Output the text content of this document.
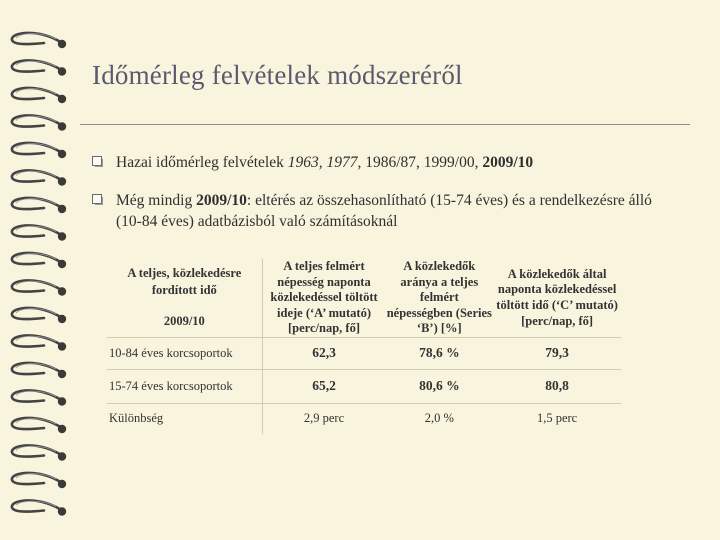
Időmérleg felvételek módszeréről
Hazai időmérleg felvételek 1963, 1977, 1986/87, 1999/00, 2009/10
Még mindig 2009/10: eltérés az összehasonlítható (15-74 éves) és a rendelkezésre álló (10-84 éves) adatbázisból való számításoknál
A teljes, közlekedésre fordított idő
2009/10	A teljes felmért népesség naponta közlekedéssel töltött ideje (‘A’ mutató) [perc/nap, fő]	A közlekedők aránya a teljes felmért népességben (Series ‘B’) [%]	A közlekedők által naponta közlekedéssel töltött idő (‘C’ mutató) [perc/nap, fő]
10-84 éves korcsoportok	62,3	78,6 %	79,3
15-74 éves korcsoportok	65,2	80,6 %	80,8
Különbség	2,9 perc	2,0 %	1,5 perc
